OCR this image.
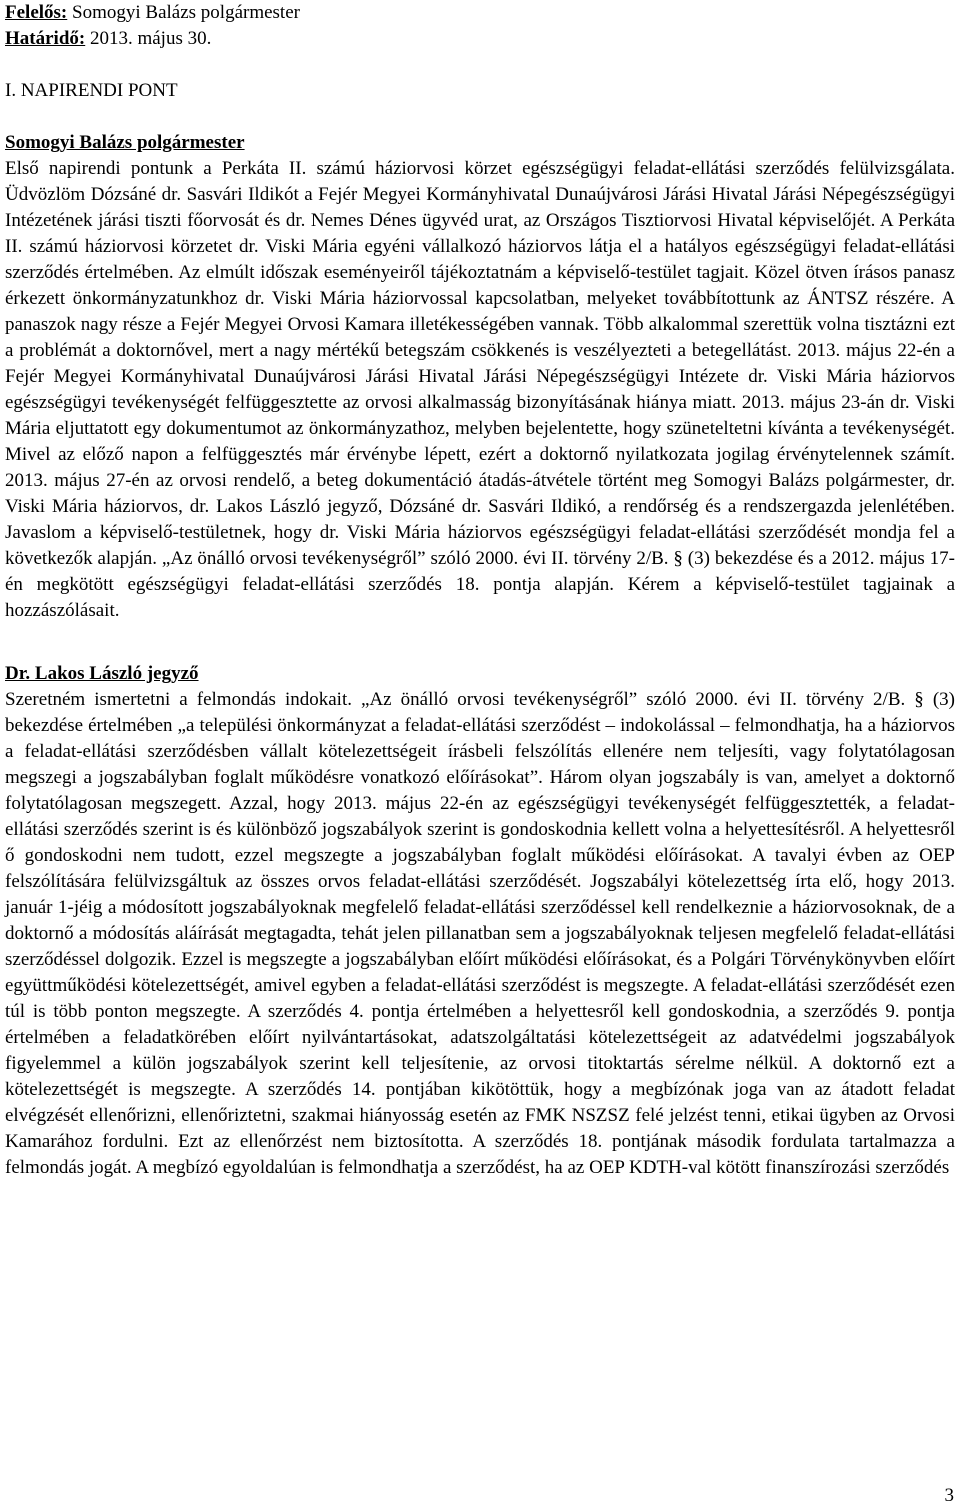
Felelős: Somogyi Balázs polgármester

Határidő: 2013. május 30.

I. NAPIRENDI PONT

Somogyi Balázs polgármester

Első napirendi pontunk a Perkáta II. számú háziorvosi körzet egészségügyi feladat-ellátási szerződés felülvizsgálata. Üdvözlöm Dózsáné dr. Sasvári Ildikót a Fejér Megyei Kormányhivatal Dunaújvárosi Járási Hivatal Járási Népegészségügyi Intézetének járási tiszti főorvosát és dr. Nemes Dénes ügyvéd urat, az Országos Tisztiorvosi Hivatal képviselőjét. A Perkáta II. számú háziorvosi körzetet dr. Viski Mária egyéni vállalkozó háziorvos látja el a hatályos egészségügyi feladat-ellátási szerződés értelmében. Az elmúlt időszak eseményeiről tájékoztatnám a képviselő-testület tagjait. Közel ötven írásos panasz érkezett önkormányzatunkhoz dr. Viski Mária háziorvossal kapcsolatban, melyeket továbbítottunk az ÁNTSZ részére. A panaszok nagy része a Fejér Megyei Orvosi Kamara illetékességében vannak. Több alkalommal szerettük volna tisztázni ezt a problémát a doktornővel, mert a nagy mértékű betegszám csökkenés is veszélyezteti a betegellátást. 2013. május 22-én a Fejér Megyei Kormányhivatal Dunaújvárosi Járási Hivatal Járási Népegészségügyi Intézete dr. Viski Mária háziorvos egészségügyi tevékenységét felfüggesztette az orvosi alkalmasság bizonyításának hiánya miatt. 2013. május 23-án dr. Viski Mária eljuttatott egy dokumentumot az önkormányzathoz, melyben bejelentette, hogy szüneteltetni kívánta a tevékenységét. Mivel az előző napon a felfüggesztés már érvénybe lépett, ezért a doktornő nyilatkozata jogilag érvénytelennek számít. 2013. május 27-én az orvosi rendelő, a beteg dokumentáció átadás-átvétele történt meg Somogyi Balázs polgármester, dr. Viski Mária háziorvos, dr. Lakos László jegyző, Dózsáné dr. Sasvári Ildikó, a rendőrség és a rendszergazda jelenlétében. Javaslom a képviselő-testületnek, hogy dr. Viski Mária háziorvos egészségügyi feladat-ellátási szerződését mondja fel a következők alapján. „Az önálló orvosi tevékenységről” szóló 2000. évi II. törvény 2/B. § (3) bekezdése és a 2012. május 17-én megkötött egészségügyi feladat-ellátási szerződés 18. pontja alapján. Kérem a képviselő-testület tagjainak a hozzászólásait.

Dr. Lakos László jegyző

Szeretném ismertetni a felmondás indokait. „Az önálló orvosi tevékenységről” szóló 2000. évi II. törvény 2/B. § (3) bekezdése értelmében „a települési önkormányzat a feladat-ellátási szerződést – indokolással – felmondhatja, ha a háziorvos a feladat-ellátási szerződésben vállalt kötelezettségeit írásbeli felszólítás ellenére nem teljesíti, vagy folytatólagosan megszegi a jogszabályban foglalt működésre vonatkozó előírásokat”. Három olyan jogszabály is van, amelyet a doktornő folytatólagosan megszegett. Azzal, hogy 2013. május 22-én az egészségügyi tevékenységét felfüggesztették, a feladat-ellátási szerződés szerint is és különböző jogszabályok szerint is gondoskodnia kellett volna a helyettesítésről. A helyettesről ő gondoskodni nem tudott, ezzel megszegte a jogszabályban foglalt működési előírásokat. A tavalyi évben az OEP felszólítására felülvizsgáltuk az összes orvos feladat-ellátási szerződését. Jogszabályi kötelezettség írta elő, hogy 2013. január 1-jéig a módosított jogszabályoknak megfelelő feladat-ellátási szerződéssel kell rendelkeznie a háziorvosoknak, de a doktornő a módosítás aláírását megtagadta, tehát jelen pillanatban sem a jogszabályoknak teljesen megfelelő feladat-ellátási szerződéssel dolgozik. Ezzel is megszegte a jogszabályban előírt működési előírásokat, és a Polgári Törvénykönyvben előírt együttműködési kötelezettségét, amivel egyben a feladat-ellátási szerződést is megszegte. A feladat-ellátási szerződését ezen túl is több ponton megszegte. A szerződés 4. pontja értelmében a helyettesről kell gondoskodnia, a szerződés 9. pontja értelmében a feladatkörében előírt nyilvántartásokat, adatszolgáltatási kötelezettségeit az adatvédelmi jogszabályok figyelemmel a külön jogszabályok szerint kell teljesítenie, az orvosi titoktartás sérelme nélkül. A doktornő ezt a kötelezettségét is megszegte. A szerződés 14. pontjában kikötöttük, hogy a megbízónak joga van az átadott feladat elvégzését ellenőrizni, ellenőriztetni, szakmai hiányosság esetén az FMK NSZSZ felé jelzést tenni, etikai ügyben az Orvosi Kamarához fordulni. Ezt az ellenőrzést nem biztosította. A szerződés 18. pontjának második fordulata tartalmazza a felmondás jogát. A megbízó egyoldalúan is felmondhatja a szerződést, ha az OEP KDTH-val kötött finanszírozási szerződés

3
